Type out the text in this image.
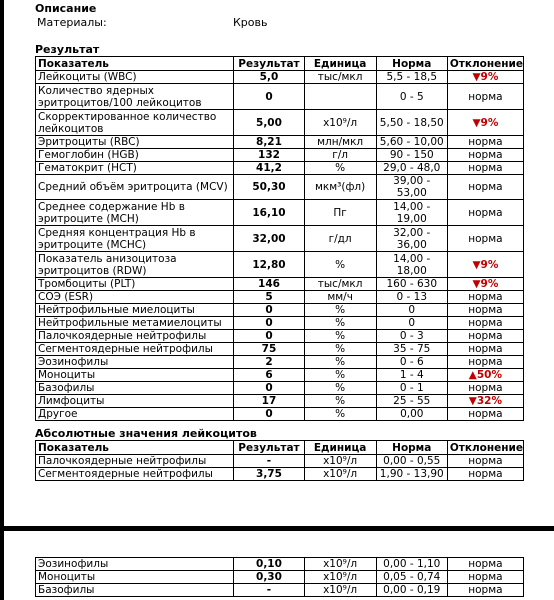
Описание
Материалы:	Кровь
Результат
Показатель	Результат	Единица	Норма	Отклонение
Лейкоциты (WBC)	5,0	тыс/мкл	5,5 - 18,5	▼9%
Количество ядерных эритроцитов/100 лейкоцитов	0		0 - 5	норма
Скорректированное количество лейкоцитов	5,00	x10⁹/л	5,50 - 18,50	▼9%
Эритроциты (RBC)	8,21	млн/мкл	5,60 - 10,00	норма
Гемоглобин (HGB)	132	г/л	90 - 150	норма
Гематокрит (HCT)	41,2	%	29,0 - 48,0	норма
Средний объём эритроцита (MCV)	50,30	мкм³(фл)	39,00 - 53,00	норма
Среднее содержание Hb в эритроците (MCH)	16,10	Пг	14,00 - 19,00	норма
Средняя концентрация Hb в эритроците (MCHC)	32,00	г/дл	32,00 - 36,00	норма
Показатель анизоцитоза эритроцитов (RDW)	12,80	%	14,00 - 18,00	▼9%
Тромбоциты (PLT)	146	тыс/мкл	160 - 630	▼9%
СОЭ (ESR)	5	мм/ч	0 - 13	норма
Нейтрофильные миелоциты	0	%	0	норма
Нейтрофильные метамиелоциты	0	%	0	норма
Палочкоядерные нейтрофилы	0	%	0 - 3	норма
Сегментоядерные нейтрофилы	75	%	35 - 75	норма
Эозинофилы	2	%	0 - 6	норма
Моноциты	6	%	1 - 4	▲50%
Базофилы	0	%	0 - 1	норма
Лимфоциты	17	%	25 - 55	▼32%
Другое	0	%	0,00	норма
Абсолютные значения лейкоцитов
Показатель	Результат	Единица	Норма	Отклонение
Палочкоядерные нейтрофилы	-	x10⁹/л	0,00 - 0,55	норма
Сегментоядерные нейтрофилы	3,75	x10⁹/л	1,90 - 13,90	норма
Эозинофилы	0,10	x10⁹/л	0,00 - 1,10	норма
Моноциты	0,30	x10⁹/л	0,05 - 0,74	норма
Базофилы	-	x10⁹/л	0,00 - 0,19	норма
